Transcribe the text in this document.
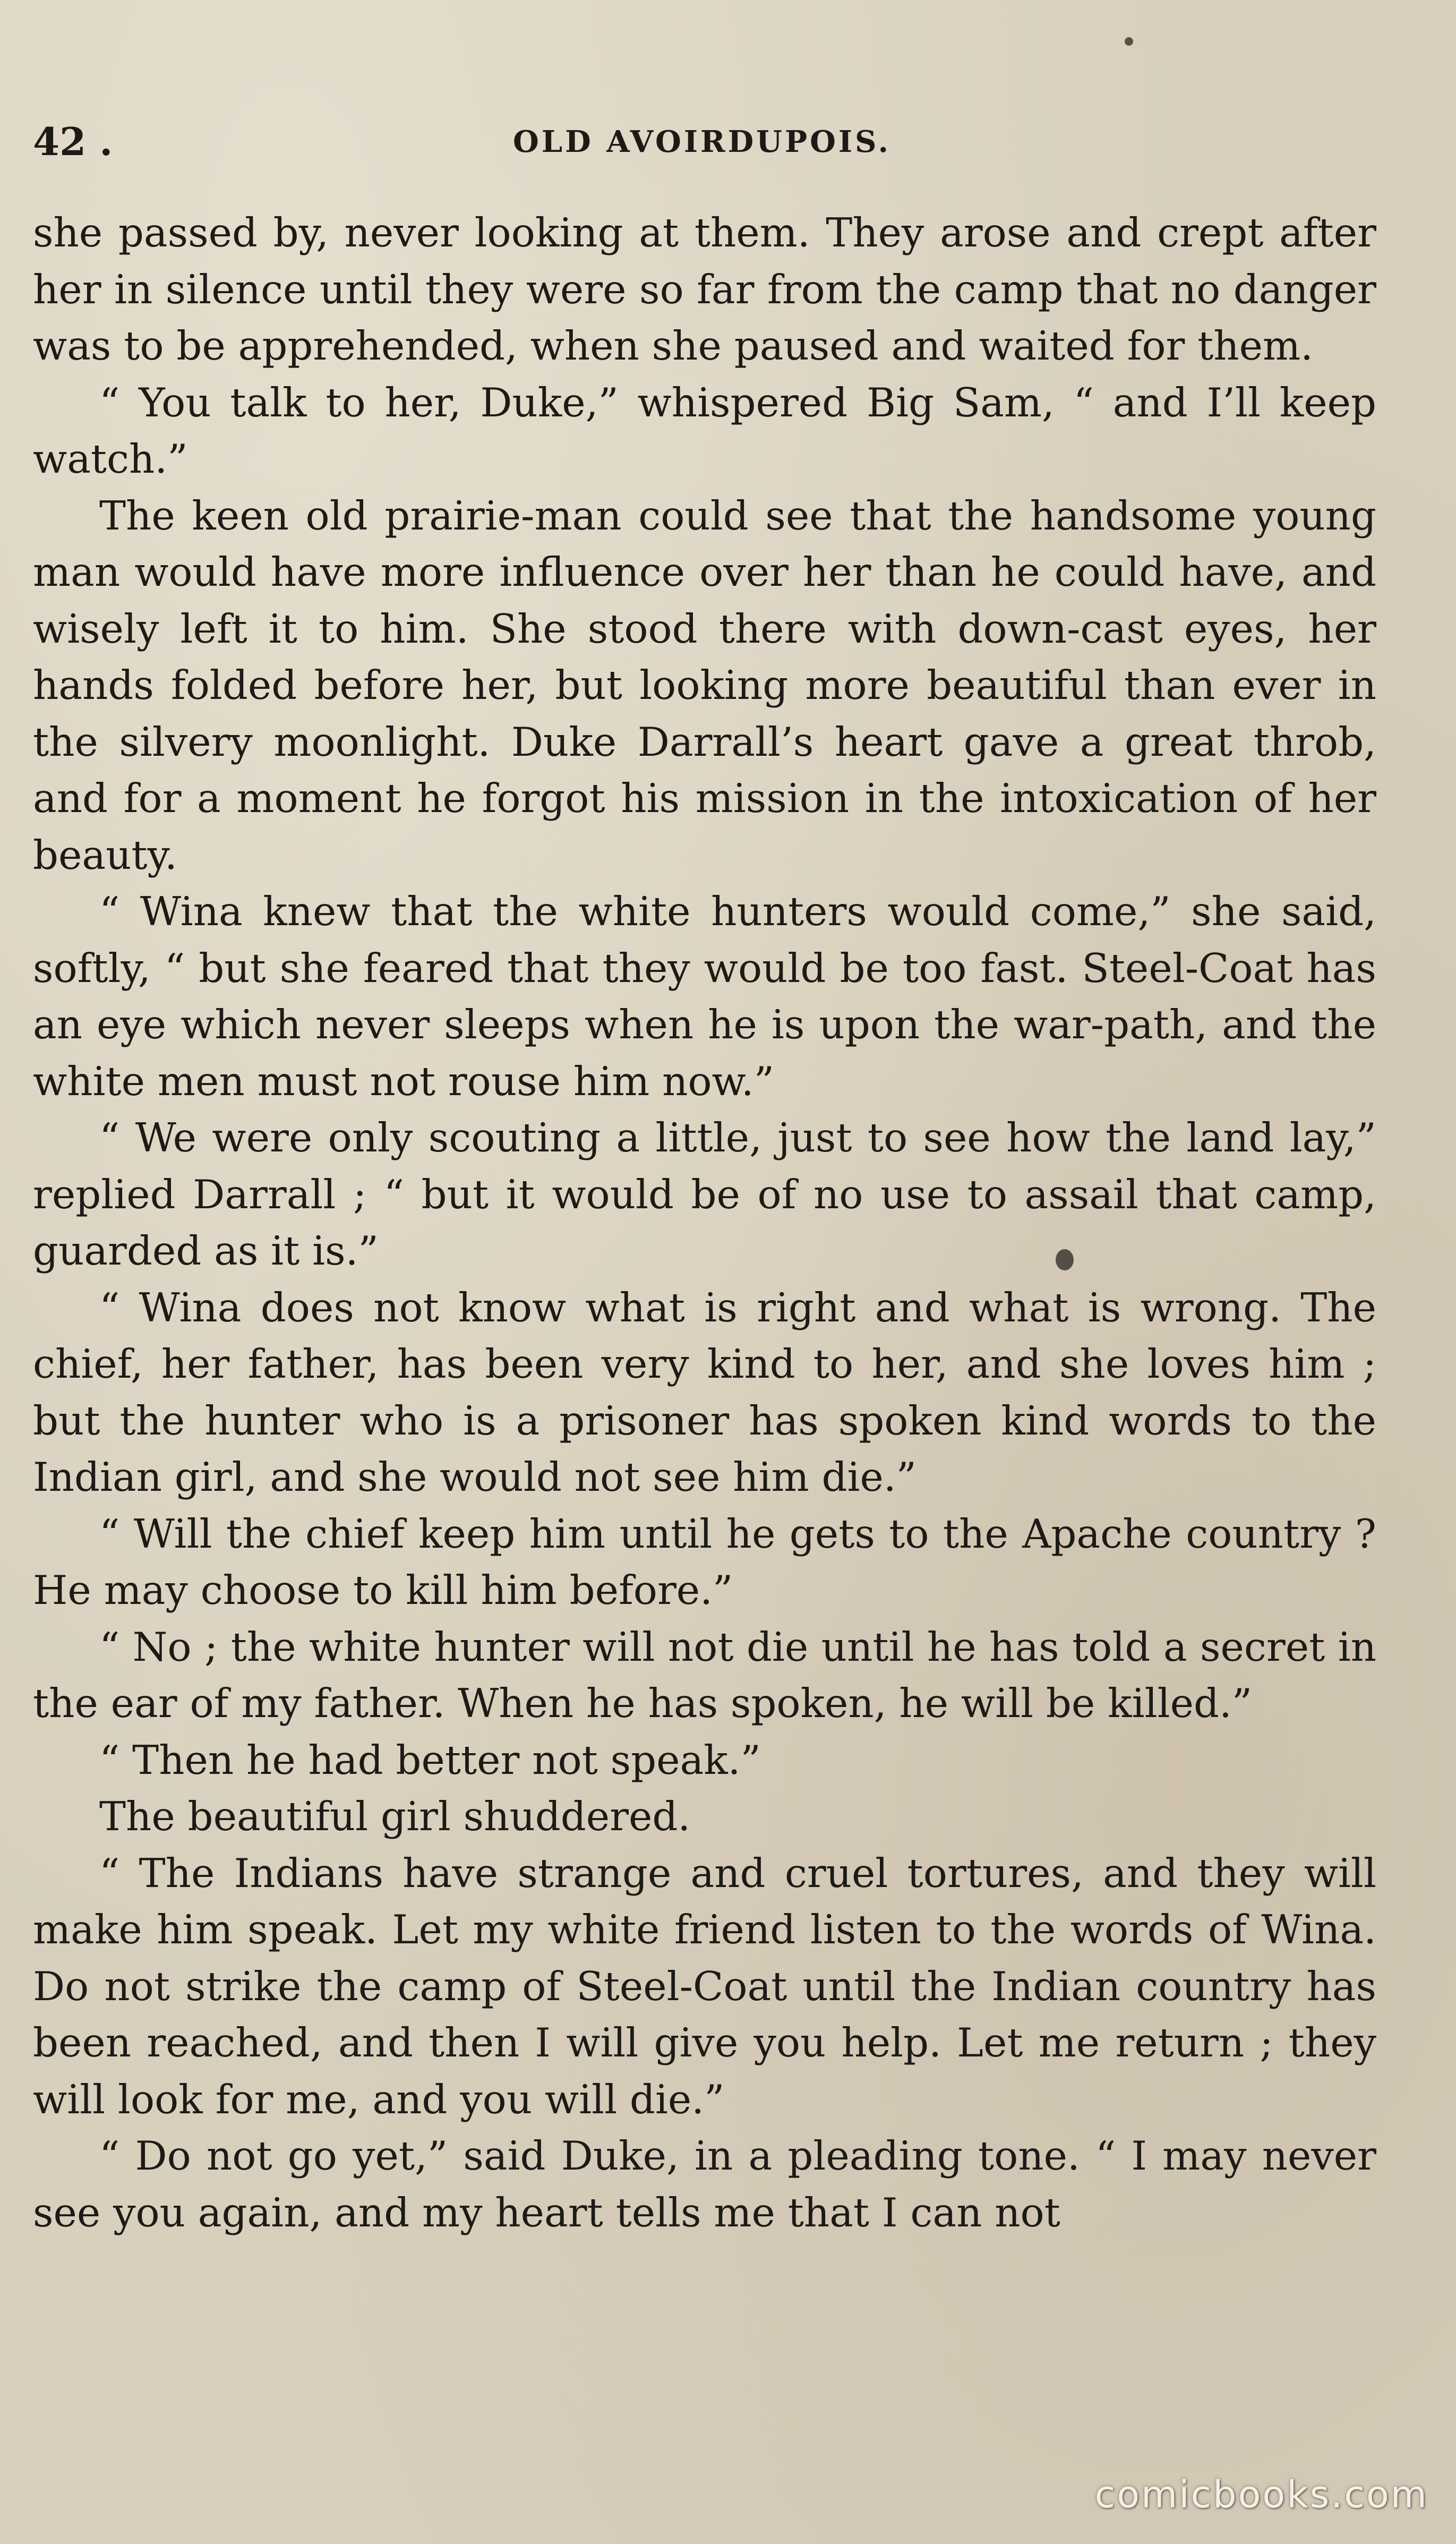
42 .	OLD AVOIRDUPOIS.

she passed by, never looking at them. They arose and crept after her in silence until they were so far from the camp that no danger was to be apprehended, when she paused and waited for them.

“ You talk to her, Duke,” whispered Big Sam, “ and I’ll keep watch.”

The keen old prairie-man could see that the handsome young man would have more influence over her than he could have, and wisely left it to him. She stood there with down-cast eyes, her hands folded before her, but looking more beautiful than ever in the silvery moonlight. Duke Darrall’s heart gave a great throb, and for a moment he forgot his mission in the intoxication of her beauty.

“ Wina knew that the white hunters would come,” she said, softly, “ but she feared that they would be too fast. Steel-Coat has an eye which never sleeps when he is upon the war-path, and the white men must not rouse him now.”

“ We were only scouting a little, just to see how the land lay,” replied Darrall ; “ but it would be of no use to assail that camp, guarded as it is.”

“ Wina does not know what is right and what is wrong. The chief, her father, has been very kind to her, and she loves him ; but the hunter who is a prisoner has spoken kind words to the Indian girl, and she would not see him die.”

“ Will the chief keep him until he gets to the Apache country ? He may choose to kill him before.”

“ No ; the white hunter will not die until he has told a secret in the ear of my father. When he has spoken, he will be killed.”

“ Then he had better not speak.”

The beautiful girl shuddered.

“ The Indians have strange and cruel tortures, and they will make him speak. Let my white friend listen to the words of Wina. Do not strike the camp of Steel-Coat until the Indian country has been reached, and then I will give you help. Let me return ; they will look for me, and you will die.”

“ Do not go yet,” said Duke, in a pleading tone. “ I may never see you again, and my heart tells me that I can not

comicbooks.com
